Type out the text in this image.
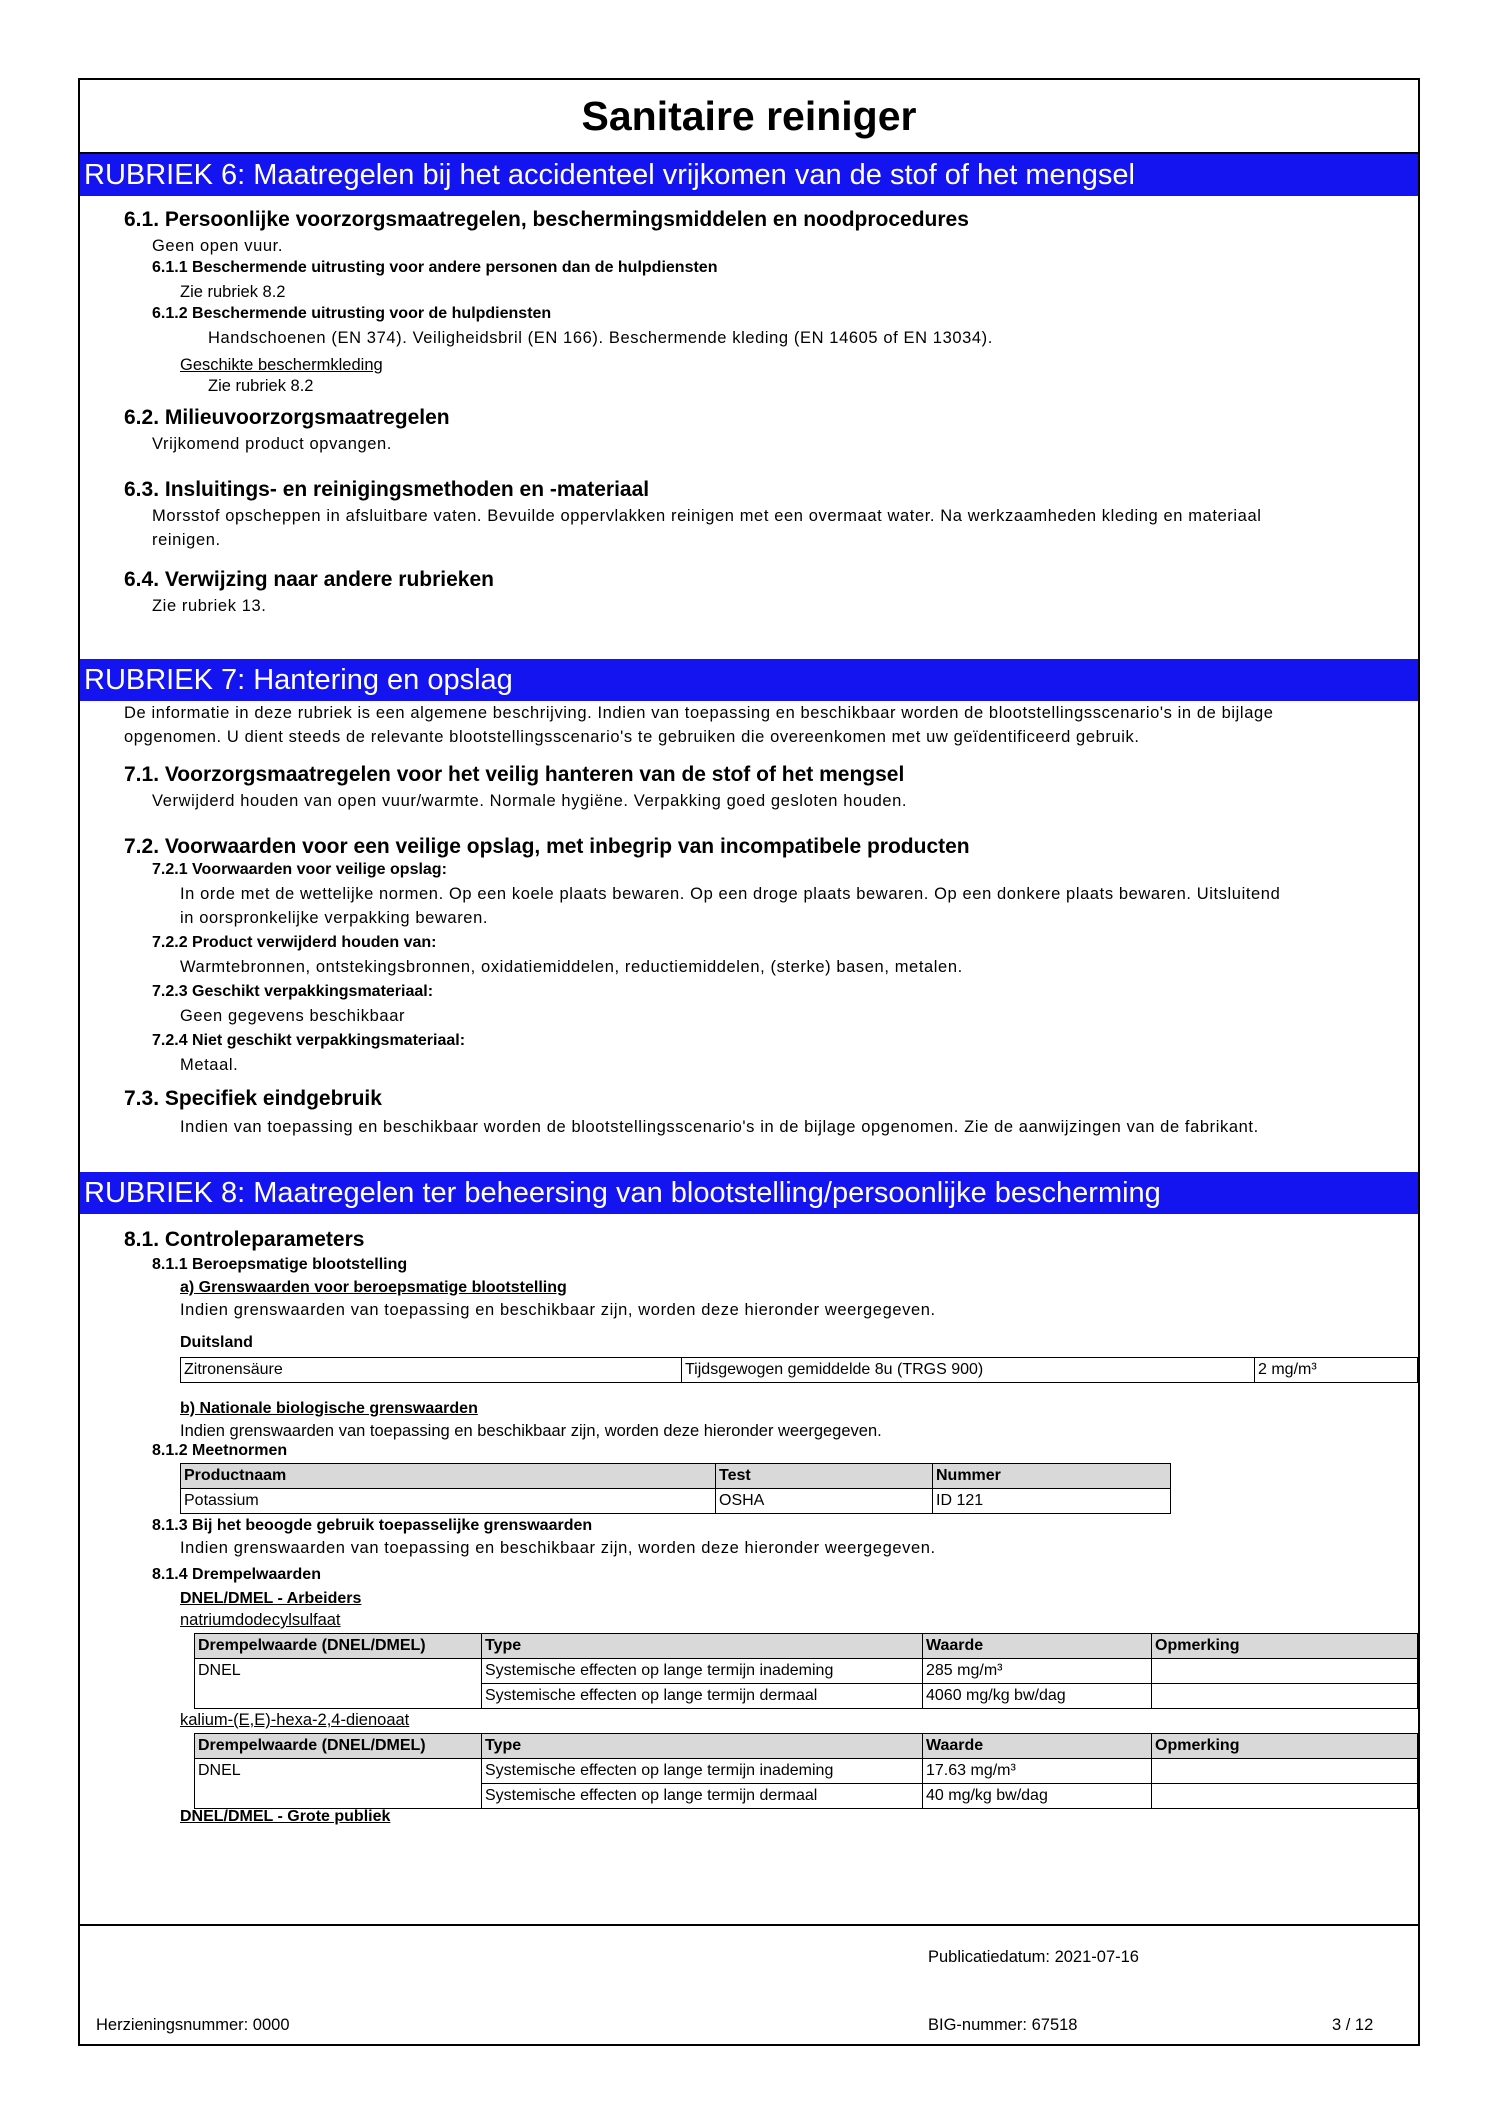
Sanitaire reiniger
RUBRIEK 6: Maatregelen bij het accidenteel vrijkomen van de stof of het mengsel

6.1. Persoonlijke voorzorgsmaatregelen, beschermingsmiddelen en noodprocedures

Geen open vuur.

6.1.1 Beschermende uitrusting voor andere personen dan de hulpdiensten

Zie rubriek 8.2

6.1.2 Beschermende uitrusting voor de hulpdiensten

Handschoenen (EN 374). Veiligheidsbril (EN 166). Beschermende kleding (EN 14605 of EN 13034).

Geschikte beschermkleding

Zie rubriek 8.2

6.2. Milieuvoorzorgsmaatregelen

Vrijkomend product opvangen.

6.3. Insluitings- en reinigingsmethoden en -materiaal

Morsstof opscheppen in afsluitbare vaten. Bevuilde oppervlakken reinigen met een overmaat water. Na werkzaamheden kleding en materiaal

reinigen.

6.4. Verwijzing naar andere rubrieken

Zie rubriek 13.

RUBRIEK 7: Hantering en opslag

De informatie in deze rubriek is een algemene beschrijving. Indien van toepassing en beschikbaar worden de blootstellingsscenario's in de bijlage

opgenomen. U dient steeds de relevante blootstellingsscenario's te gebruiken die overeenkomen met uw geïdentificeerd gebruik.

7.1. Voorzorgsmaatregelen voor het veilig hanteren van de stof of het mengsel

Verwijderd houden van open vuur/warmte. Normale hygiëne. Verpakking goed gesloten houden.

7.2. Voorwaarden voor een veilige opslag, met inbegrip van incompatibele producten

7.2.1 Voorwaarden voor veilige opslag:

In orde met de wettelijke normen. Op een koele plaats bewaren. Op een droge plaats bewaren. Op een donkere plaats bewaren. Uitsluitend

in oorspronkelijke verpakking bewaren.

7.2.2 Product verwijderd houden van:

Warmtebronnen, ontstekingsbronnen, oxidatiemiddelen, reductiemiddelen, (sterke) basen, metalen.

7.2.3 Geschikt verpakkingsmateriaal:

Geen gegevens beschikbaar

7.2.4 Niet geschikt verpakkingsmateriaal:

Metaal.

7.3. Specifiek eindgebruik

Indien van toepassing en beschikbaar worden de blootstellingsscenario's in de bijlage opgenomen. Zie de aanwijzingen van de fabrikant.

RUBRIEK 8: Maatregelen ter beheersing van blootstelling/persoonlijke bescherming

8.1. Controleparameters

8.1.1 Beroepsmatige blootstelling

a) Grenswaarden voor beroepsmatige blootstelling

Indien grenswaarden van toepassing en beschikbaar zijn, worden deze hieronder weergegeven.

Duitsland

Zitronensäure	Tijdsgewogen gemiddelde 8u (TRGS 900)	2 mg/m³

b) Nationale biologische grenswaarden

Indien grenswaarden van toepassing en beschikbaar zijn, worden deze hieronder weergegeven.

8.1.2 Meetnormen

Productnaam	Test	Nummer
Potassium	OSHA	ID 121

8.1.3 Bij het beoogde gebruik toepasselijke grenswaarden

Indien grenswaarden van toepassing en beschikbaar zijn, worden deze hieronder weergegeven.

8.1.4 Drempelwaarden

DNEL/DMEL - Arbeiders

natriumdodecylsulfaat

Drempelwaarde (DNEL/DMEL)	Type	Waarde	Opmerking
DNEL	Systemische effecten op lange termijn inademing	285 mg/m³	
	Systemische effecten op lange termijn dermaal	4060 mg/kg bw/dag	

kalium-(E,E)-hexa-2,4-dienoaat

Drempelwaarde (DNEL/DMEL)	Type	Waarde	Opmerking
DNEL	Systemische effecten op lange termijn inademing	17.63 mg/m³	
	Systemische effecten op lange termijn dermaal	40 mg/kg bw/dag	

DNEL/DMEL - Grote publiek

Publicatiedatum: 2021-07-16
Herzieningsnummer: 0000	BIG-nummer: 67518	3 / 12
